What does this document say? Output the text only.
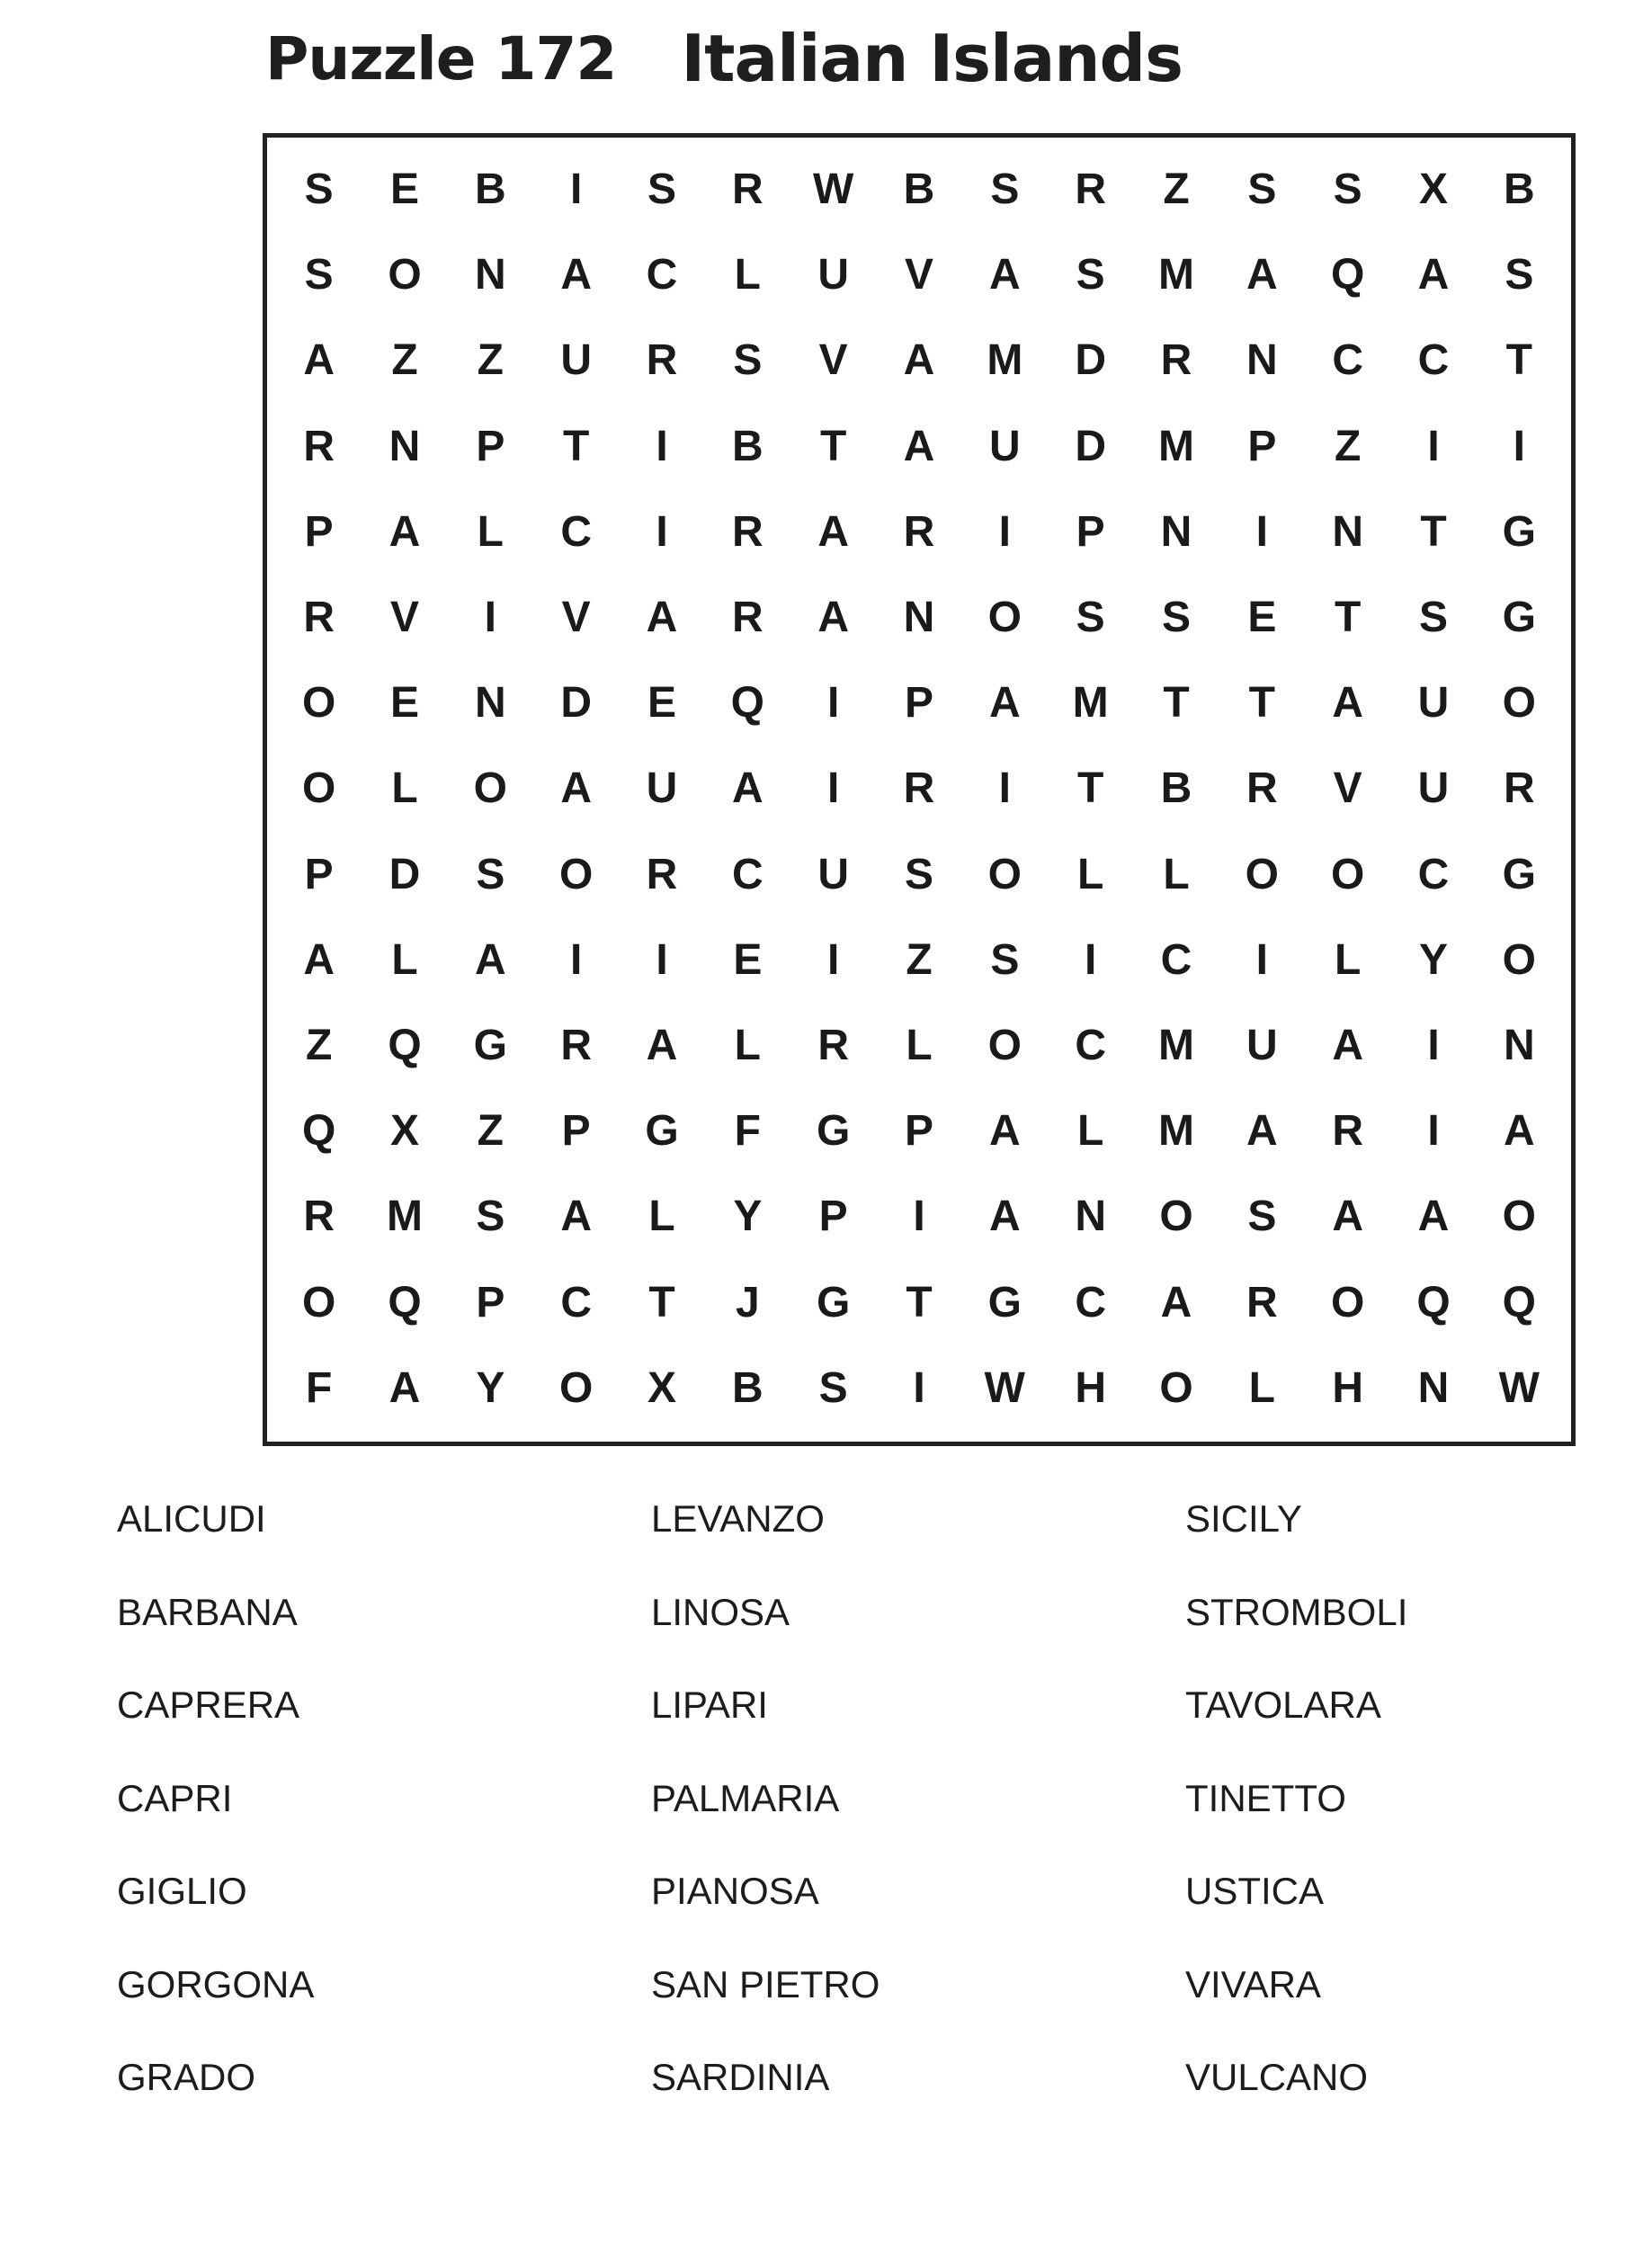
Puzzle 172 Italian Islands
S	E	B	I	S	R	W	B	S	R	Z	S	S	X	B
S	O	N	A	C	L	U	V	A	S	M	A	Q	A	S
A	Z	Z	U	R	S	V	A	M	D	R	N	C	C	T
R	N	P	T	I	B	T	A	U	D	M	P	Z	I	I
P	A	L	C	I	R	A	R	I	P	N	I	N	T	G
R	V	I	V	A	R	A	N	O	S	S	E	T	S	G
O	E	N	D	E	Q	I	P	A	M	T	T	A	U	O
O	L	O	A	U	A	I	R	I	T	B	R	V	U	R
P	D	S	O	R	C	U	S	O	L	L	O	O	C	G
A	L	A	I	I	E	I	Z	S	I	C	I	L	Y	O
Z	Q	G	R	A	L	R	L	O	C	M	U	A	I	N
Q	X	Z	P	G	F	G	P	A	L	M	A	R	I	A
R	M	S	A	L	Y	P	I	A	N	O	S	A	A	O
O	Q	P	C	T	J	G	T	G	C	A	R	O	Q	Q
F	A	Y	O	X	B	S	I	W	H	O	L	H	N	W
ALICUDI
BARBANA
CAPRERA
CAPRI
GIGLIO
GORGONA
GRADO
LEVANZO
LINOSA
LIPARI
PALMARIA
PIANOSA
SAN PIETRO
SARDINIA
SICILY
STROMBOLI
TAVOLARA
TINETTO
USTICA
VIVARA
VULCANO
